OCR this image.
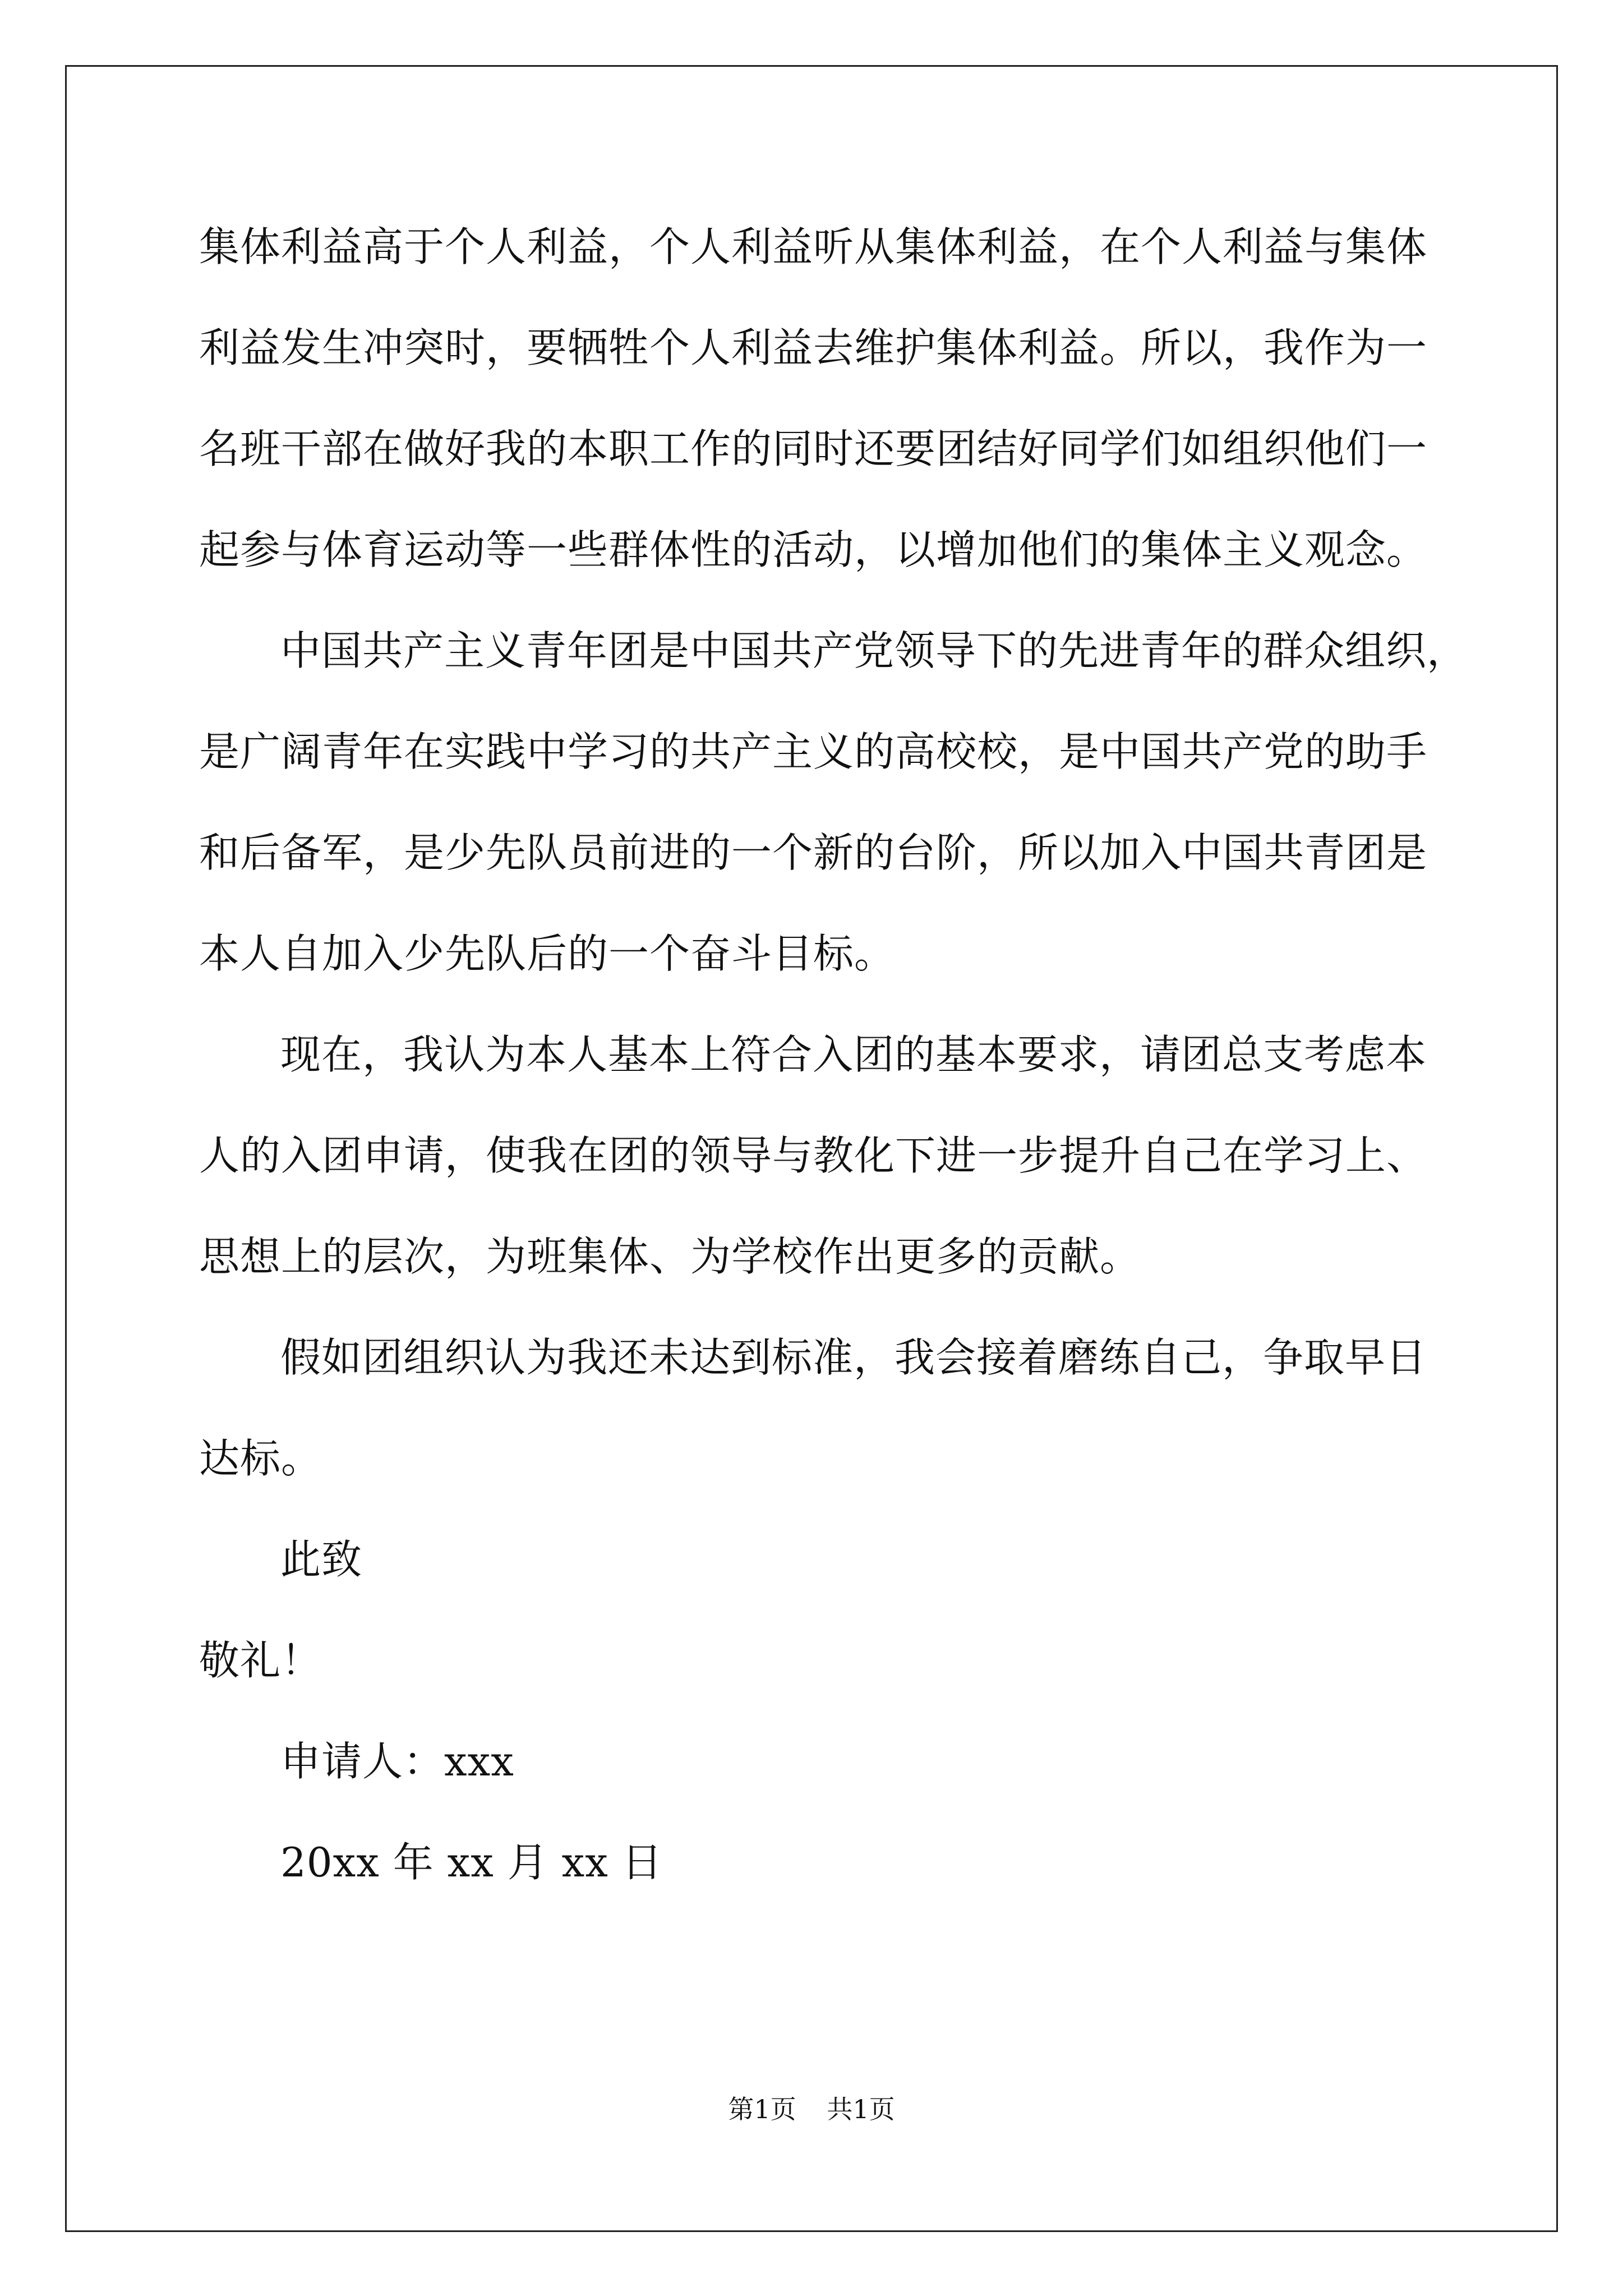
集体利益高于个人利益，个人利益听从集体利益，在个人利益与集体
利益发生冲突时，要牺牲个人利益去维护集体利益。所以，我作为一
名班干部在做好我的本职工作的同时还要团结好同学们如组织他们一
起参与体育运动等一些群体性的活动，以增加他们的集体主义观念。
中国共产主义青年团是中国共产党领导下的先进青年的群众组织，
是广阔青年在实践中学习的共产主义的高校校，是中国共产党的助手
和后备军，是少先队员前进的一个新的台阶，所以加入中国共青团是
本人自加入少先队后的一个奋斗目标。
现在，我认为本人基本上符合入团的基本要求，请团总支考虑本
人的入团申请，使我在团的领导与教化下进一步提升自己在学习上、
思想上的层次，为班集体、为学校作出更多的贡献。
假如团组织认为我还未达到标准，我会接着磨练自己，争取早日
达标。
此致
敬礼！
申请人：xxx
20xx 年 xx 月 xx 日
第1页 共1页
